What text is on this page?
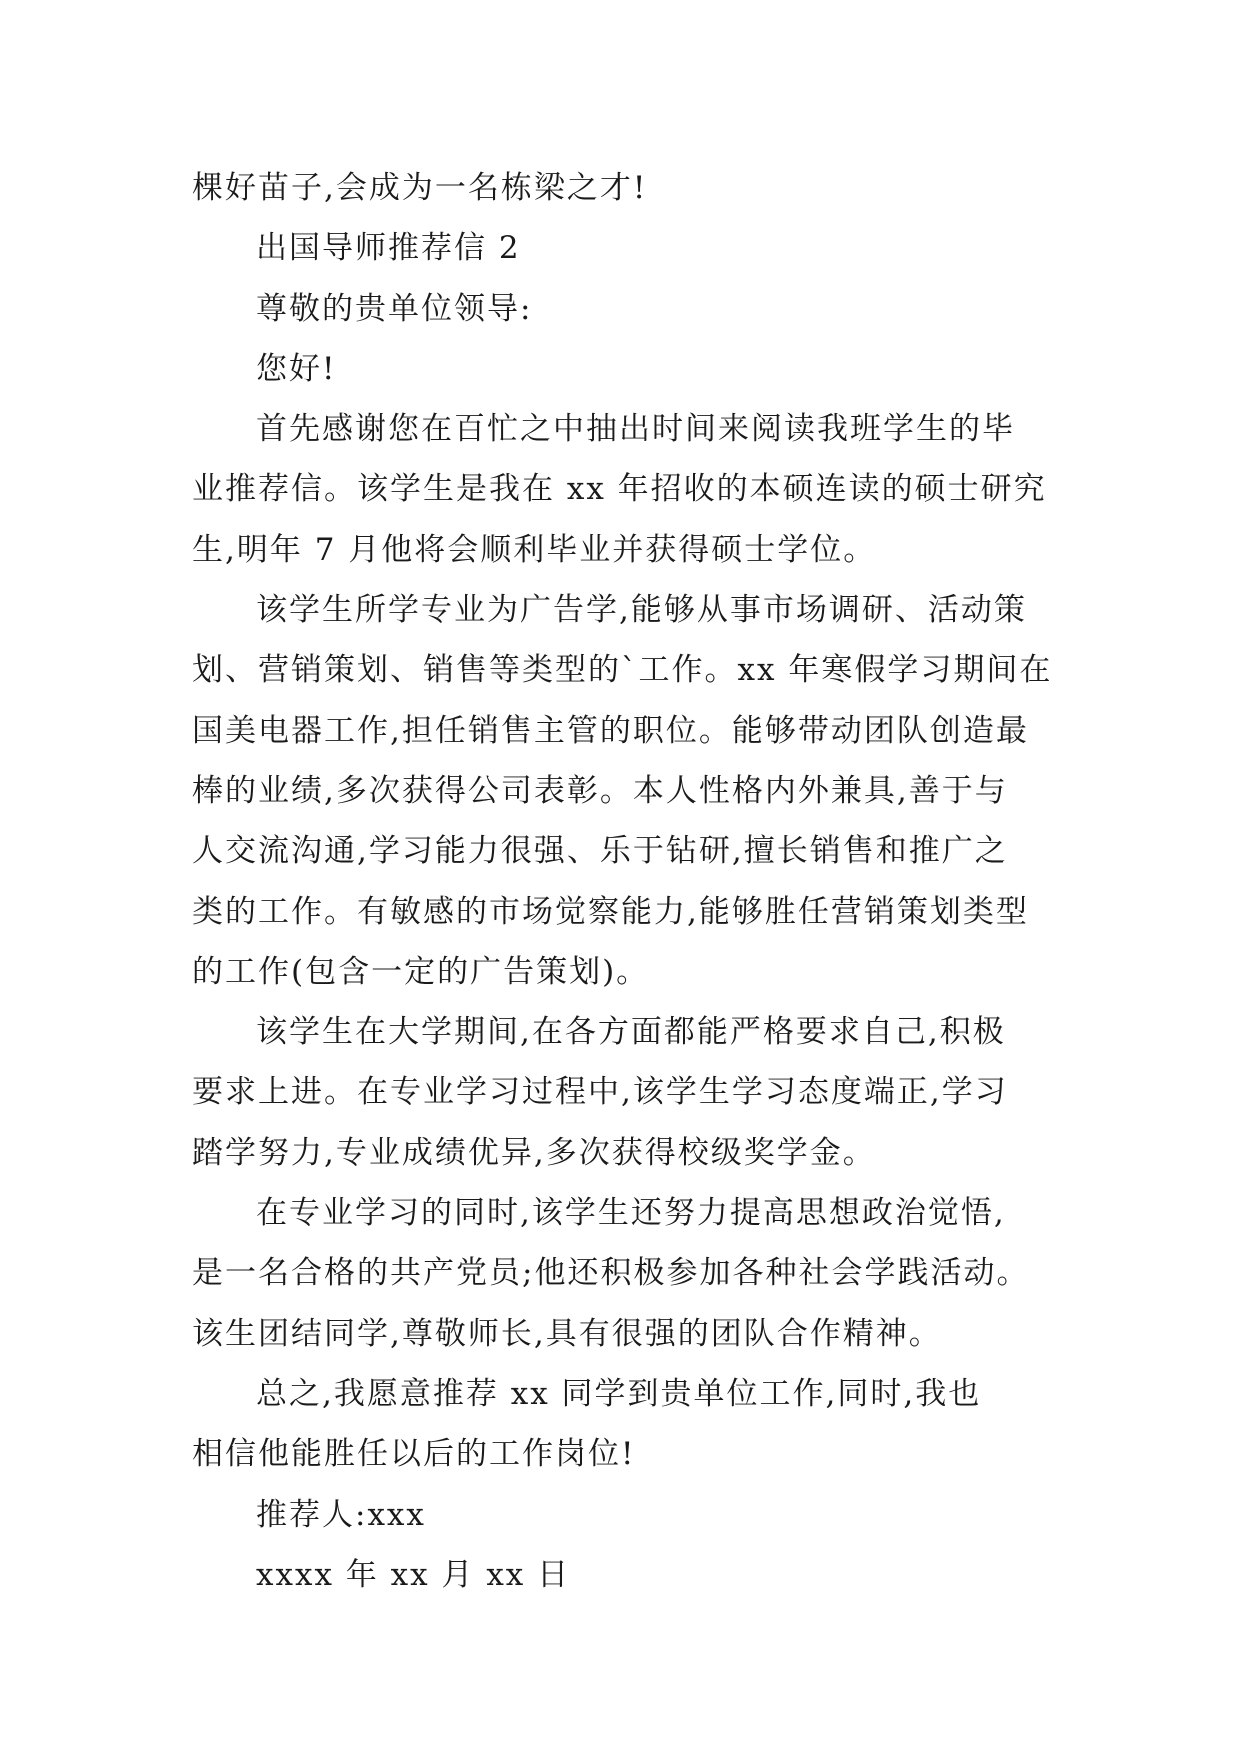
棵好苗子,会成为一名栋梁之才!
出国导师推荐信 2
尊敬的贵单位领导:
您好!
首先感谢您在百忙之中抽出时间来阅读我班学生的毕
业推荐信。该学生是我在 xx 年招收的本硕连读的硕士研究
生,明年 7 月他将会顺利毕业并获得硕士学位。
该学生所学专业为广告学,能够从事市场调研、活动策
划、营销策划、销售等类型的`工作。xx 年寒假学习期间在
国美电器工作,担任销售主管的职位。能够带动团队创造最
棒的业绩,多次获得公司表彰。本人性格内外兼具,善于与
人交流沟通,学习能力很强、乐于钻研,擅长销售和推广之
类的工作。有敏感的市场觉察能力,能够胜任营销策划类型
的工作(包含一定的广告策划)。
该学生在大学期间,在各方面都能严格要求自己,积极
要求上进。在专业学习过程中,该学生学习态度端正,学习
踏学努力,专业成绩优异,多次获得校级奖学金。
在专业学习的同时,该学生还努力提高思想政治觉悟,
是一名合格的共产党员;他还积极参加各种社会学践活动。
该生团结同学,尊敬师长,具有很强的团队合作精神。
总之,我愿意推荐 xx 同学到贵单位工作,同时,我也
相信他能胜任以后的工作岗位!
推荐人:xxx
xxxx 年 xx 月 xx 日
